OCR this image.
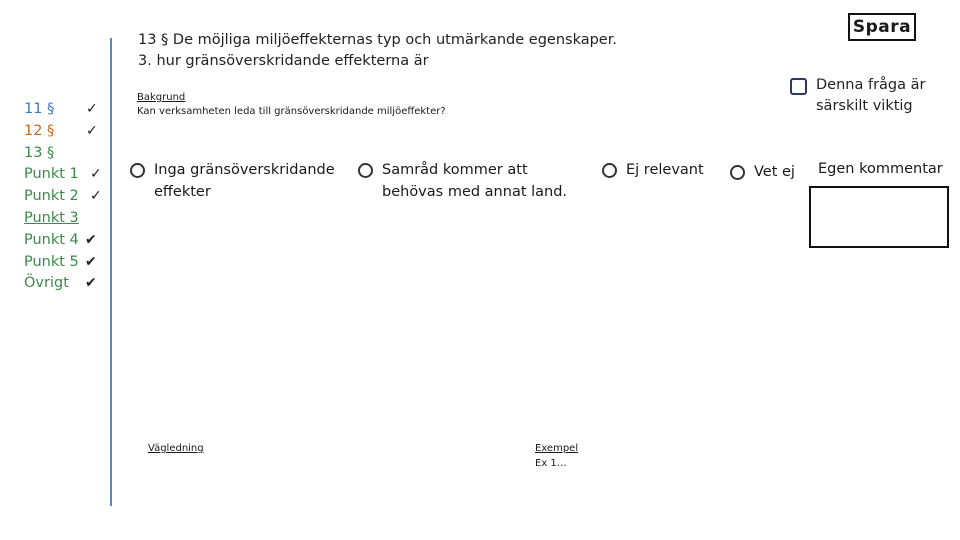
13 § De möjliga miljöeffekternas typ och utmärkande egenskaper.
3. hur gränsöverskridande effekterna är
Spara
Denna fråga är
särskilt viktig
11 § ✓
12 § ✓
13 §
Punkt 1 ✓
Punkt 2 ✓
Punkt 3
Punkt 4 ✔
Punkt 5 ✔
Övrigt ✔
Bakgrund
Kan verksamheten leda till gränsöverskridande miljöeffekter?
Inga gränsöverskridande
effekter
Samråd kommer att
behövas med annat land.
Ej relevant	Vet ej Egen kommentar
Vägledning	Exempel
Ex 1…
